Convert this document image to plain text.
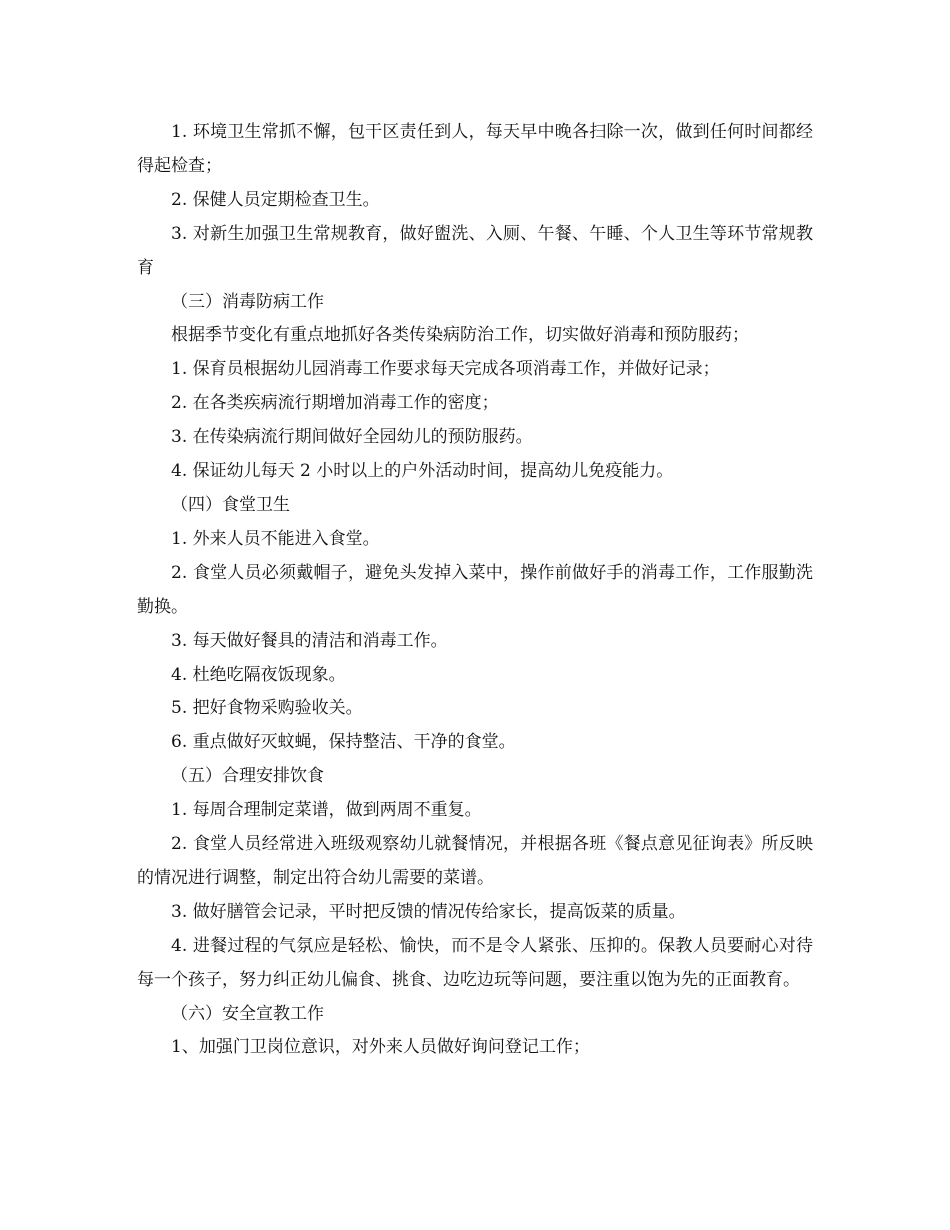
1. 环境卫生常抓不懈，包干区责任到人，每天早中晚各扫除一次，做到任何时间都经得起检查；

2. 保健人员定期检查卫生。

3. 对新生加强卫生常规教育，做好盥洗、入厕、午餐、午睡、个人卫生等环节常规教育

（三）消毒防病工作

根据季节变化有重点地抓好各类传染病防治工作，切实做好消毒和预防服药；

1. 保育员根据幼儿园消毒工作要求每天完成各项消毒工作，并做好记录；

2. 在各类疾病流行期增加消毒工作的密度；

3. 在传染病流行期间做好全园幼儿的预防服药。

4. 保证幼儿每天 2 小时以上的户外活动时间，提高幼儿免疫能力。

（四）食堂卫生

1. 外来人员不能进入食堂。

2. 食堂人员必须戴帽子，避免头发掉入菜中，操作前做好手的消毒工作，工作服勤洗勤换。

3. 每天做好餐具的清洁和消毒工作。

4. 杜绝吃隔夜饭现象。

5. 把好食物采购验收关。

6. 重点做好灭蚊蝇，保持整洁、干净的食堂。

（五）合理安排饮食

1. 每周合理制定菜谱，做到两周不重复。

2. 食堂人员经常进入班级观察幼儿就餐情况，并根据各班《餐点意见征询表》所反映的情况进行调整，制定出符合幼儿需要的菜谱。

3. 做好膳管会记录，平时把反馈的情况传给家长，提高饭菜的质量。

4. 进餐过程的气氛应是轻松、愉快，而不是令人紧张、压抑的。保教人员要耐心对待每一个孩子，努力纠正幼儿偏食、挑食、边吃边玩等问题，要注重以饱为先的正面教育。

（六）安全宣教工作

1、加强门卫岗位意识，对外来人员做好询问登记工作；
